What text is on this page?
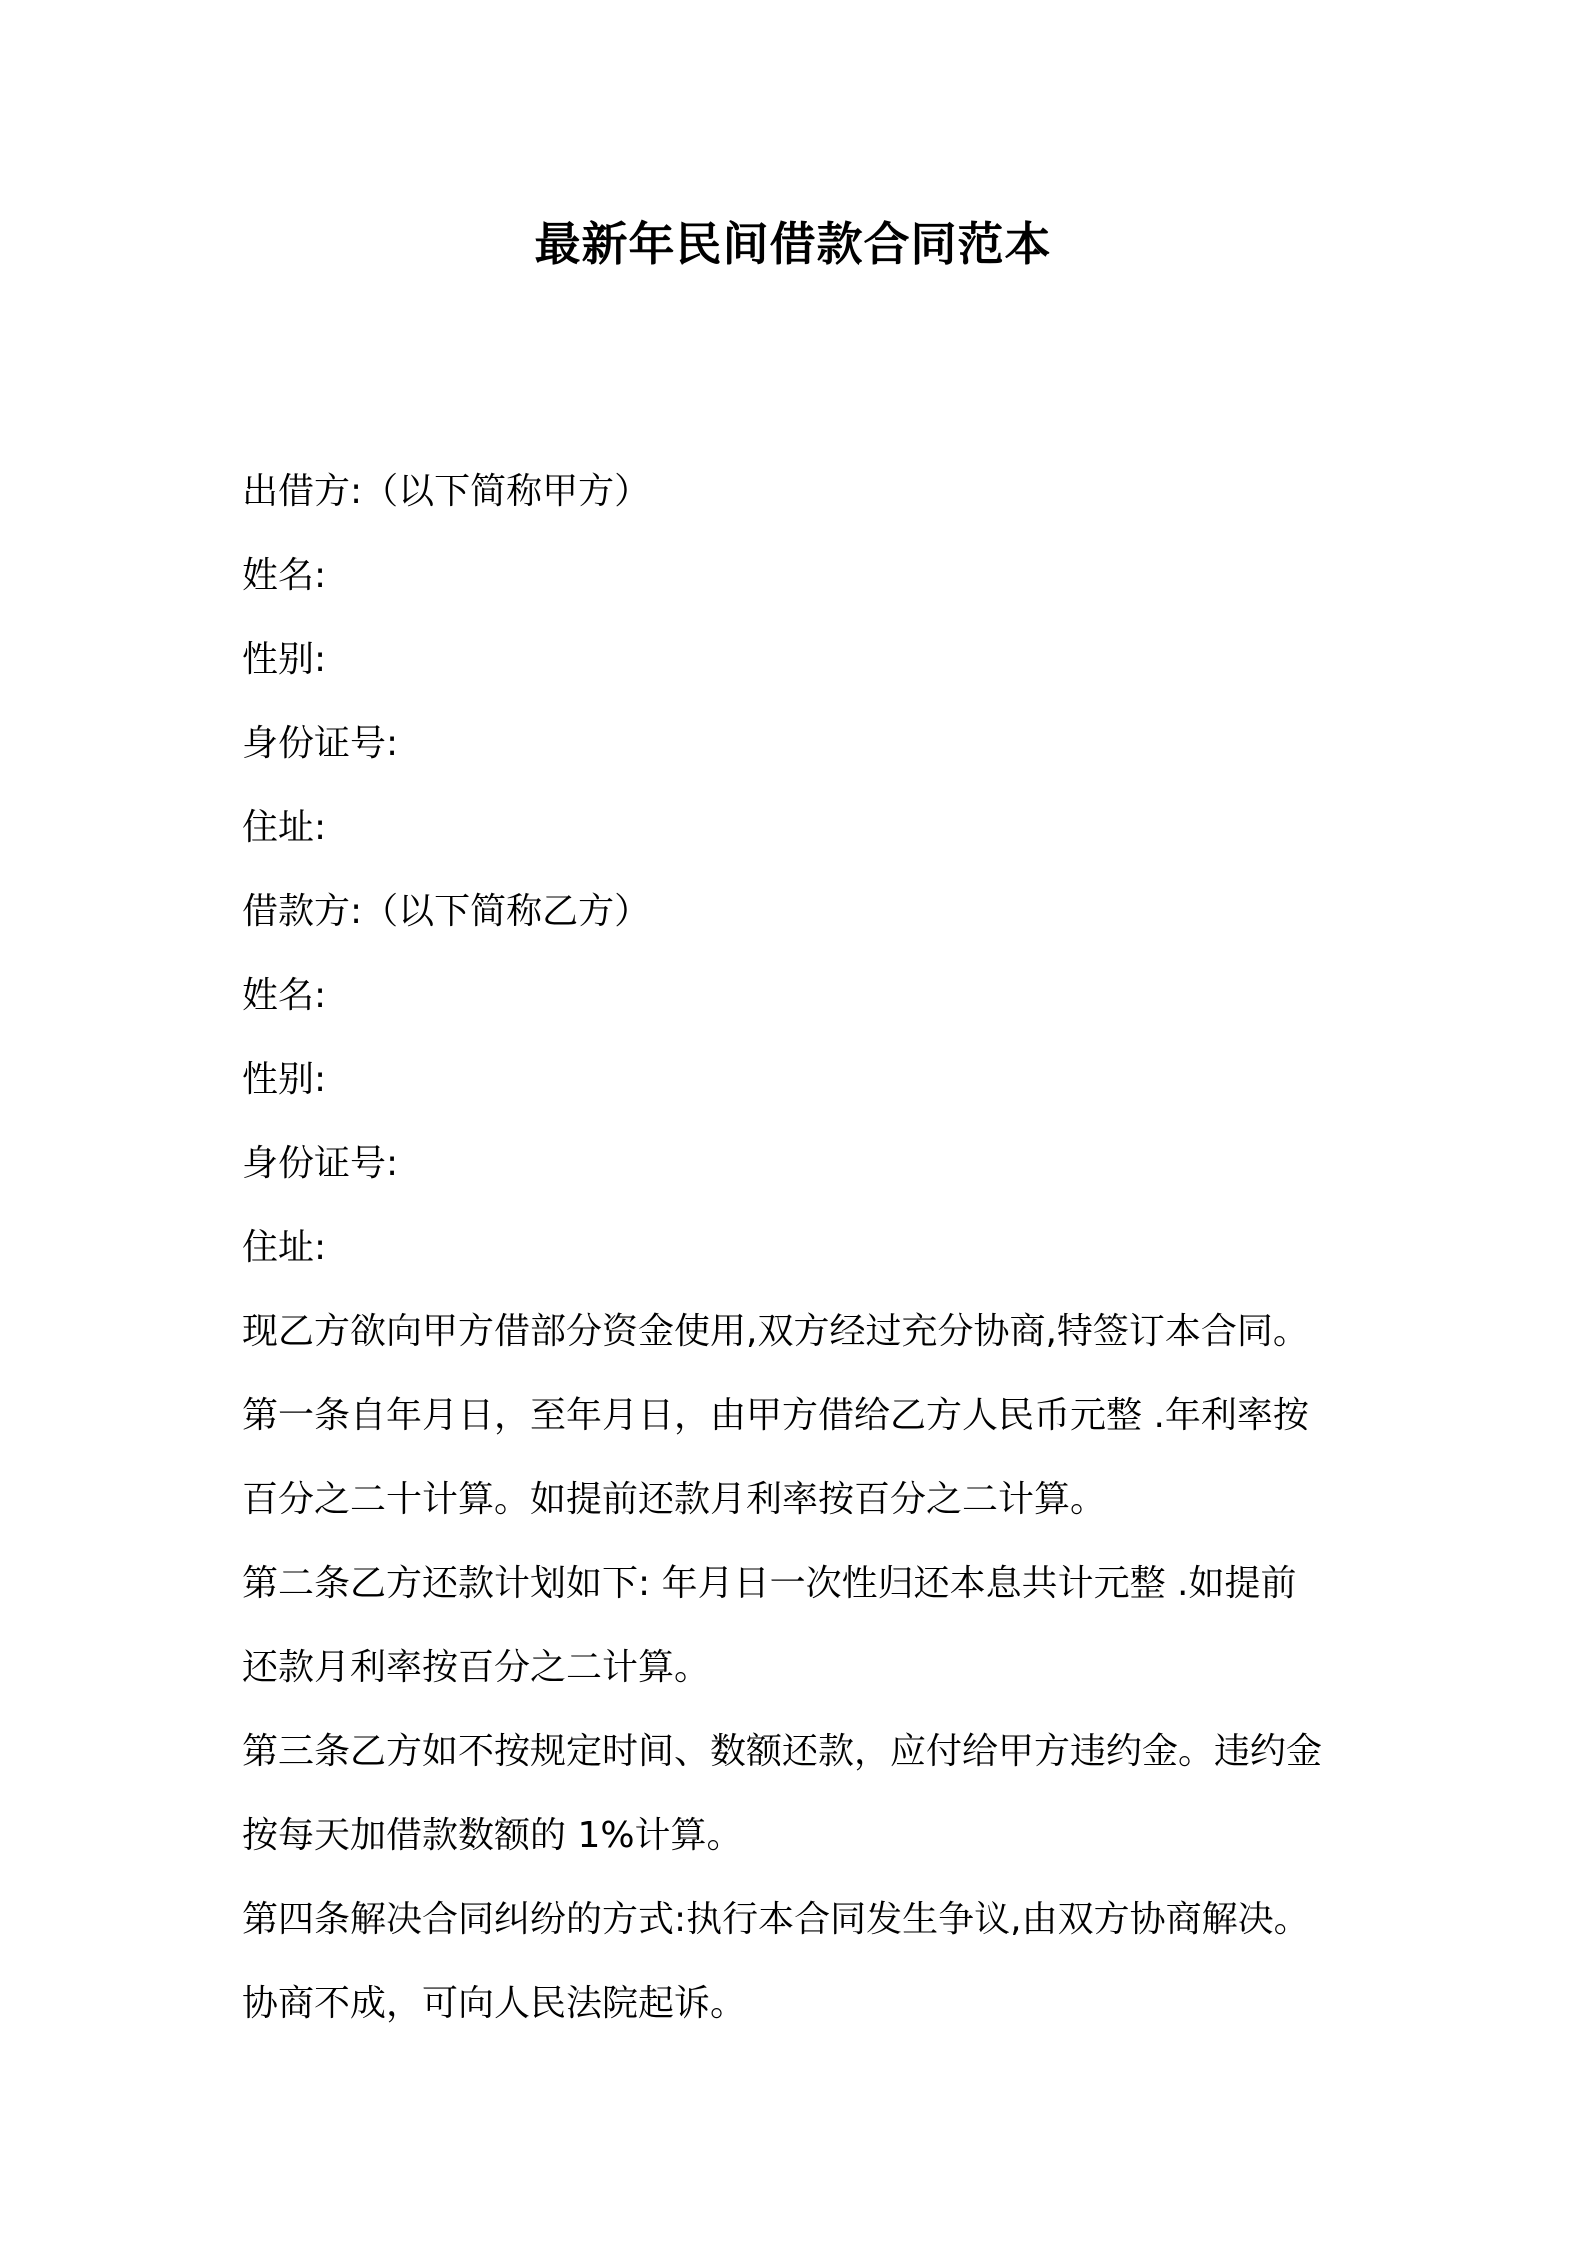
最新年民间借款合同范本

出借方:（以下简称甲方）

姓名:

性别:

身份证号:

住址:

借款方:（以下简称乙方）

姓名:

性别:

身份证号:

住址:

现乙方欲向甲方借部分资金使用,双方经过充分协商,特签订本合同。

第一条自年月日，至年月日，由甲方借给乙方人民币元整 .年利率按

百分之二十计算。如提前还款月利率按百分之二计算。

第二条乙方还款计划如下: 年月日一次性归还本息共计元整 .如提前

还款月利率按百分之二计算。

第三条乙方如不按规定时间、数额还款，应付给甲方违约金。违约金

按每天加借款数额的 1%计算。

第四条解决合同纠纷的方式:执行本合同发生争议,由双方协商解决。

协商不成，可向人民法院起诉。
